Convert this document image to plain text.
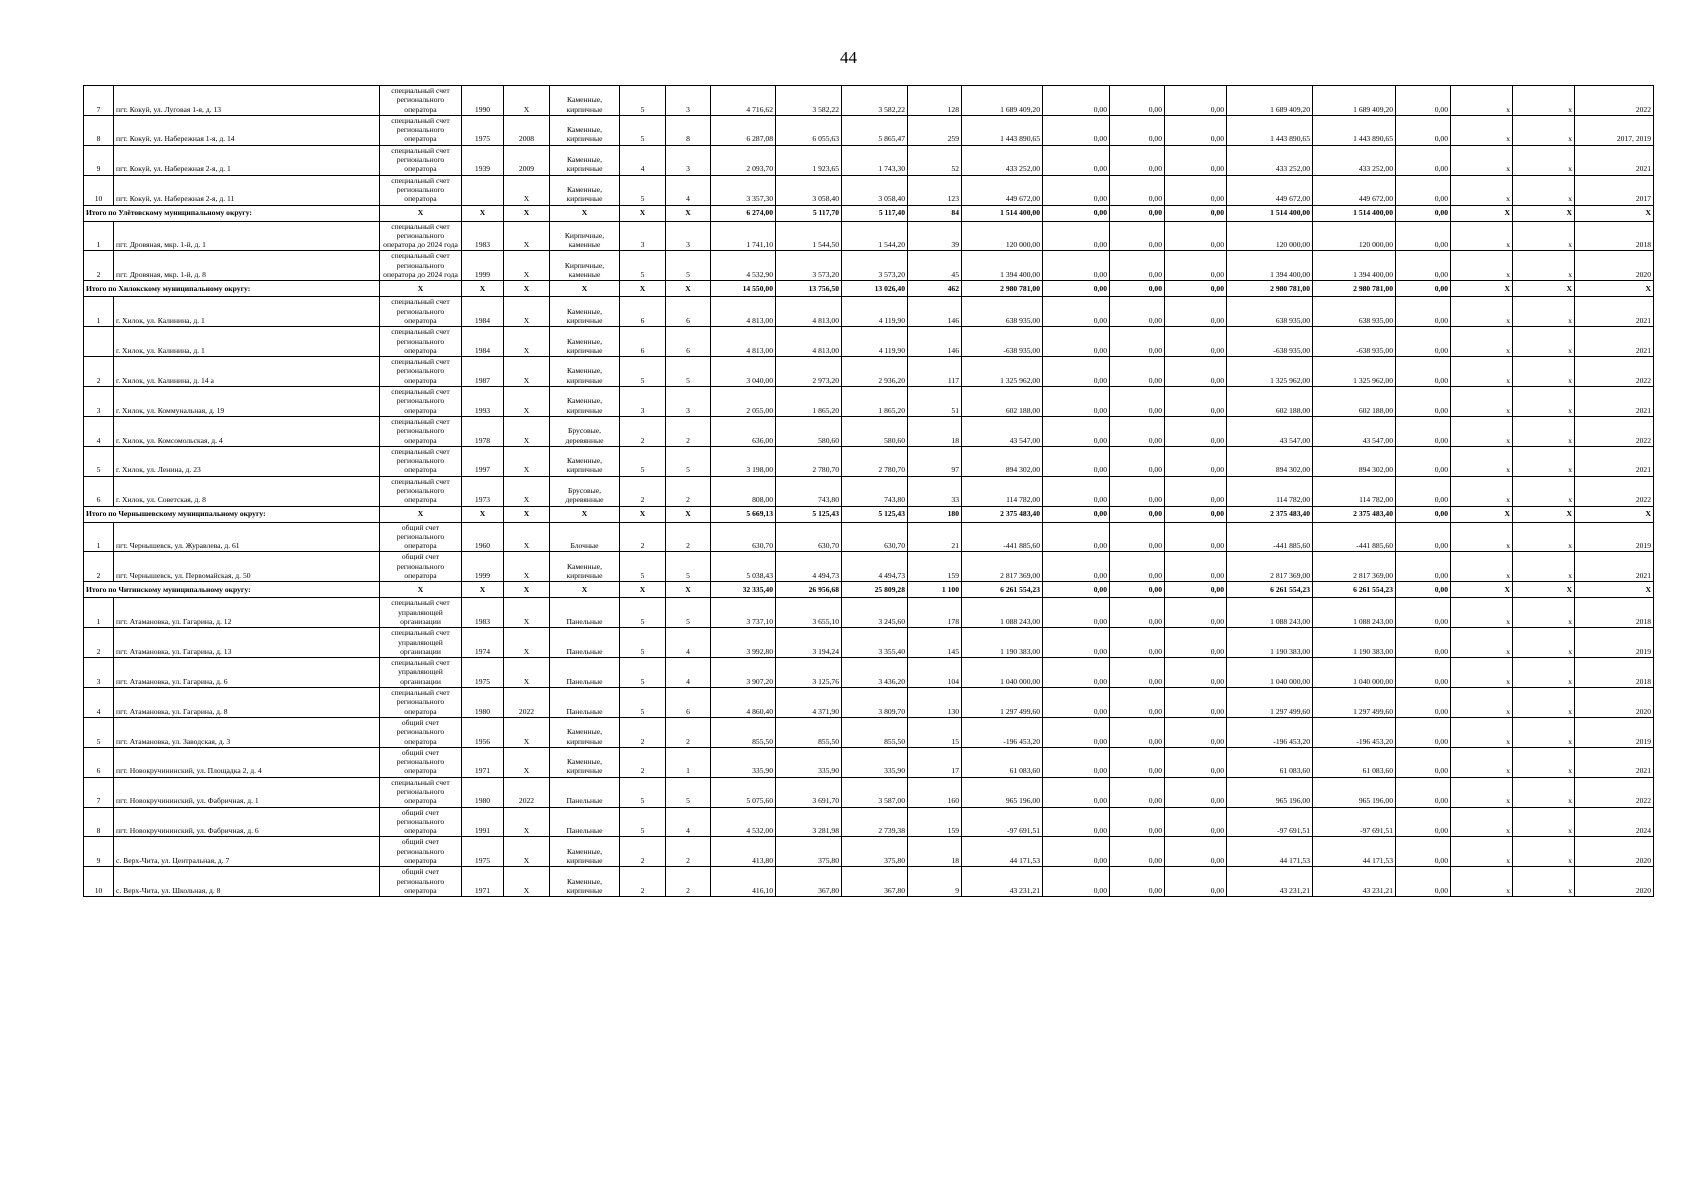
44
7	пгт. Кокуй, ул. Луговая 1-я, д. 13	специальный счет регионального оператора	1990	X	Каменные, кирпичные	5	3	4 716,62	3 582,22	3 582,22	128	1 689 409,20	0,00	0,00	0,00	1 689 409,20	1 689 409,20	0,00	x	x	2022
8	пгт. Кокуй, ул. Набережная 1-я, д. 14	специальный счет регионального оператора	1975	2008	Каменные, кирпичные	5	8	6 287,08	6 055,63	5 865,47	259	1 443 890,65	0,00	0,00	0,00	1 443 890,65	1 443 890,65	0,00	x	x	2017, 2019
9	пгт. Кокуй, ул. Набережная 2-я, д. 1	специальный счет регионального оператора	1939	2009	Каменные, кирпичные	4	3	2 093,70	1 923,65	1 743,30	52	433 252,00	0,00	0,00	0,00	433 252,00	433 252,00	0,00	x	x	2021
10	пгт. Кокуй, ул. Набережная 2-я, д. 11	специальный счет регионального оператора		X	Каменные, кирпичные	5	4	3 357,30	3 058,40	3 058,40	123	449 672,00	0,00	0,00	0,00	449 672,00	449 672,00	0,00	x	x	2017
Итого по Улётовскому муниципальному округу:		X	X	X	X	X	X	6 274,00	5 117,70	5 117,40	84	1 514 400,00	0,00	0,00	0,00	1 514 400,00	1 514 400,00	0,00	X	X	X
1	пгт. Дровяная, мкр. 1-й, д. 1	специальный счет регионального оператора до 2024 года	1983	X	Кирпичные, каменные	3	3	1 741,10	1 544,50	1 544,20	39	120 000,00	0,00	0,00	0,00	120 000,00	120 000,00	0,00	x	x	2018
2	пгт. Дровяная, мкр. 1-й, д. 8	специальный счет регионального оператора до 2024 года	1999	X	Кирпичные, каменные	5	5	4 532,90	3 573,20	3 573,20	45	1 394 400,00	0,00	0,00	0,00	1 394 400,00	1 394 400,00	0,00	x	x	2020
Итого по Хилокскому муниципальному округу:		X	X	X	X	X	X	14 550,00	13 756,50	13 026,40	462	2 980 781,00	0,00	0,00	0,00	2 980 781,00	2 980 781,00	0,00	X	X	X
1	г. Хилок, ул. Калинина, д. 1	специальный счет регионального оператора	1984	X	Каменные, кирпичные	6	6	4 813,00	4 813,00	4 119,90	146	638 935,00	0,00	0,00	0,00	638 935,00	638 935,00	0,00	x	x	2021
	г. Хилок, ул. Калинина, д. 1	специальный счет регионального оператора	1984	X	Каменные, кирпичные	6	6	4 813,00	4 813,00	4 119,90	146	-638 935,00	0,00	0,00	0,00	-638 935,00	-638 935,00	0,00	x	x	2021
2	г. Хилок, ул. Калинина, д. 14 а	специальный счет регионального оператора	1987	X	Каменные, кирпичные	5	5	3 040,00	2 973,20	2 936,20	117	1 325 962,00	0,00	0,00	0,00	1 325 962,00	1 325 962,00	0,00	x	x	2022
3	г. Хилок, ул. Коммунальная, д. 19	специальный счет регионального оператора	1993	X	Каменные, кирпичные	3	3	2 055,00	1 865,20	1 865,20	51	602 188,00	0,00	0,00	0,00	602 188,00	602 188,00	0,00	x	x	2021
4	г. Хилок, ул. Комсомольская, д. 4	специальный счет регионального оператора	1978	X	Брусовые, деревянные	2	2	636,00	580,60	580,60	18	43 547,00	0,00	0,00	0,00	43 547,00	43 547,00	0,00	x	x	2022
5	г. Хилок, ул. Ленина, д. 23	специальный счет регионального оператора	1997	X	Каменные, кирпичные	5	5	3 198,00	2 780,70	2 780,70	97	894 302,00	0,00	0,00	0,00	894 302,00	894 302,00	0,00	x	x	2021
6	г. Хилок, ул. Советская, д. 8	специальный счет регионального оператора	1973	X	Брусовые, деревянные	2	2	808,00	743,80	743,80	33	114 782,00	0,00	0,00	0,00	114 782,00	114 782,00	0,00	x	x	2022
Итого по Чернышевскому муниципальному округу:		X	X	X	X	X	X	5 669,13	5 125,43	5 125,43	180	2 375 483,40	0,00	0,00	0,00	2 375 483,40	2 375 483,40	0,00	X	X	X
1	пгт. Чернышевск, ул. Журавлева, д. 61	общий счет регионального оператора	1960	X	Блочные	2	2	630,70	630,70	630,70	21	-441 885,60	0,00	0,00	0,00	-441 885,60	-441 885,60	0,00	x	x	2019
2	пгт. Чернышевск, ул. Первомайская, д. 50	общий счет регионального оператора	1999	X	Каменные, кирпичные	5	5	5 038,43	4 494,73	4 494,73	159	2 817 369,00	0,00	0,00	0,00	2 817 369,00	2 817 369,00	0,00	x	x	2021
Итого по Читинскому муниципальному округу:		X	X	X	X	X	X	32 335,40	26 956,68	25 809,28	1 100	6 261 554,23	0,00	0,00	0,00	6 261 554,23	6 261 554,23	0,00	X	X	X
1	пгт. Атамановка, ул. Гагарина, д. 12	специальный счет управляющей организации	1983	X	Панельные	5	5	3 737,10	3 655,10	3 245,60	178	1 088 243,00	0,00	0,00	0,00	1 088 243,00	1 088 243,00	0,00	x	x	2018
2	пгт. Атамановка, ул. Гагарина, д. 13	специальный счет управляющей организации	1974	X	Панельные	5	4	3 992,80	3 194,24	3 355,40	145	1 190 383,00	0,00	0,00	0,00	1 190 383,00	1 190 383,00	0,00	x	x	2019
3	пгт. Атамановка, ул. Гагарина, д. 6	специальный счет управляющей организации	1975	X	Панельные	5	4	3 907,20	3 125,76	3 436,20	104	1 040 000,00	0,00	0,00	0,00	1 040 000,00	1 040 000,00	0,00	x	x	2018
4	пгт. Атамановка, ул. Гагарина, д. 8	специальный счет регионального оператора	1980	2022	Панельные	5	6	4 860,40	4 371,90	3 809,70	130	1 297 499,60	0,00	0,00	0,00	1 297 499,60	1 297 499,60	0,00	x	x	2020
5	пгт. Атамановка, ул. Заводская, д. 3	общий счет регионального оператора	1956	X	Каменные, кирпичные	2	2	855,50	855,50	855,50	15	-196 453,20	0,00	0,00	0,00	-196 453,20	-196 453,20	0,00	x	x	2019
6	пгт. Новокручининский, ул. Площадка 2, д. 4	общий счет регионального оператора	1971	X	Каменные, кирпичные	2	1	335,90	335,90	335,90	17	61 083,60	0,00	0,00	0,00	61 083,60	61 083,60	0,00	x	x	2021
7	пгт. Новокручининский, ул. Фабричная, д. 1	специальный счет регионального оператора	1980	2022	Панельные	5	5	5 075,60	3 691,70	3 587,00	160	965 196,00	0,00	0,00	0,00	965 196,00	965 196,00	0,00	x	x	2022
8	пгт. Новокручининский, ул. Фабричная, д. 6	общий счет регионального оператора	1991	X	Панельные	5	4	4 532,00	3 281,98	2 739,38	159	-97 691,51	0,00	0,00	0,00	-97 691,51	-97 691,51	0,00	x	x	2024
9	с. Верх-Чита, ул. Центральная, д. 7	общий счет регионального оператора	1975	X	Каменные, кирпичные	2	2	413,80	375,80	375,80	18	44 171,53	0,00	0,00	0,00	44 171,53	44 171,53	0,00	x	x	2020
10	с. Верх-Чита, ул. Школьная, д. 8	общий счет регионального оператора	1971	X	Каменные, кирпичные	2	2	416,10	367,80	367,80	9	43 231,21	0,00	0,00	0,00	43 231,21	43 231,21	0,00	x	x	2020
